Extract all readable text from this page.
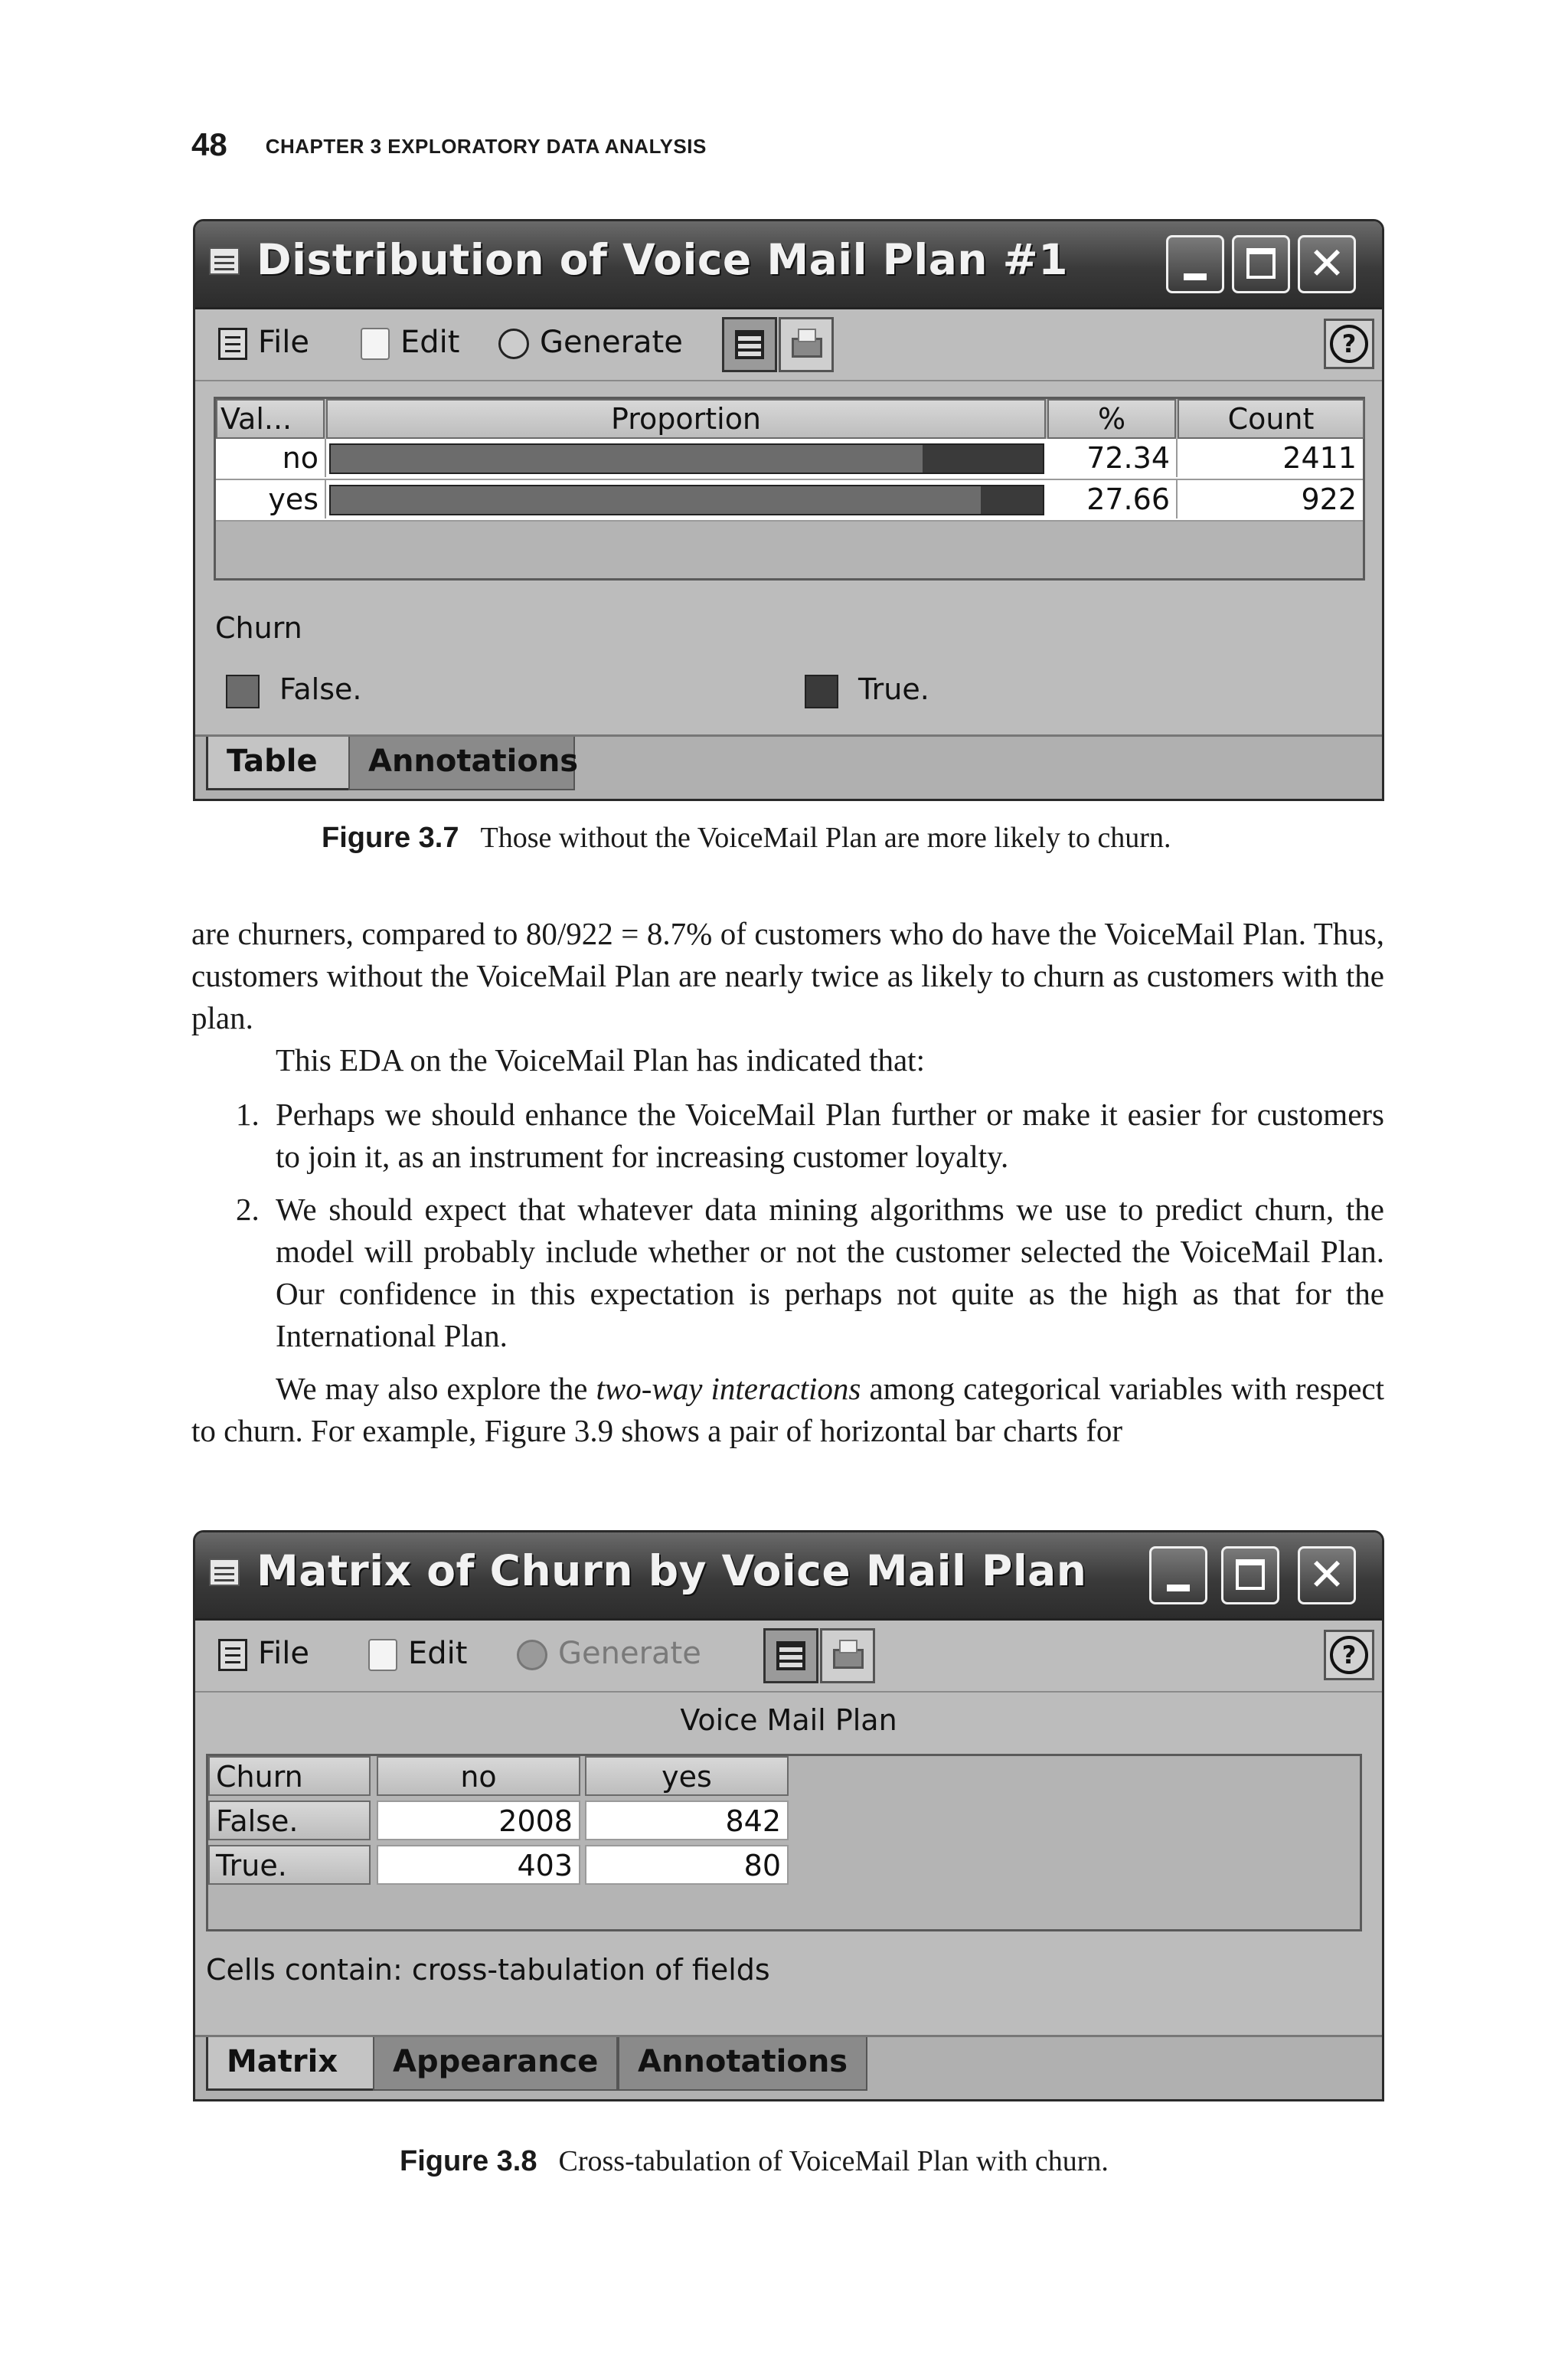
48 CHAPTER 3 EXPLORATORY DATA ANALYSIS
Distribution of Voice Mail Plan #1	✕
File	Edit	Generate	?
Val...	Proportion	%	Count
no	72.34	2411
yes	27.66	922
Churn
False.	True.
Table	Annotations
Figure 3.7 Those without the VoiceMail Plan are more likely to churn.

are churners, compared to 80/922 = 8.7% of customers who do have the VoiceMail Plan. Thus, customers without the VoiceMail Plan are nearly twice as likely to churn as customers with the plan.

This EDA on the VoiceMail Plan has indicated that:

1. Perhaps we should enhance the VoiceMail Plan further or make it easier for customers to join it, as an instrument for increasing customer loyalty.
2. We should expect that whatever data mining algorithms we use to predict churn, the model will probably include whether or not the customer selected the VoiceMail Plan. Our confidence in this expectation is perhaps not quite as the high as that for the International Plan.

We may also explore the two-way interactions among categorical variables with respect to churn. For example, Figure 3.9 shows a pair of horizontal bar charts for

Matrix of Churn by Voice Mail Plan	✕
File	Edit	Generate	?
Voice Mail Plan
Churn	no	yes
False.	2008	842
True.	403	80
Cells contain: cross-tabulation of fields
Matrix	Appearance	Annotations
Figure 3.8 Cross-tabulation of VoiceMail Plan with churn.
